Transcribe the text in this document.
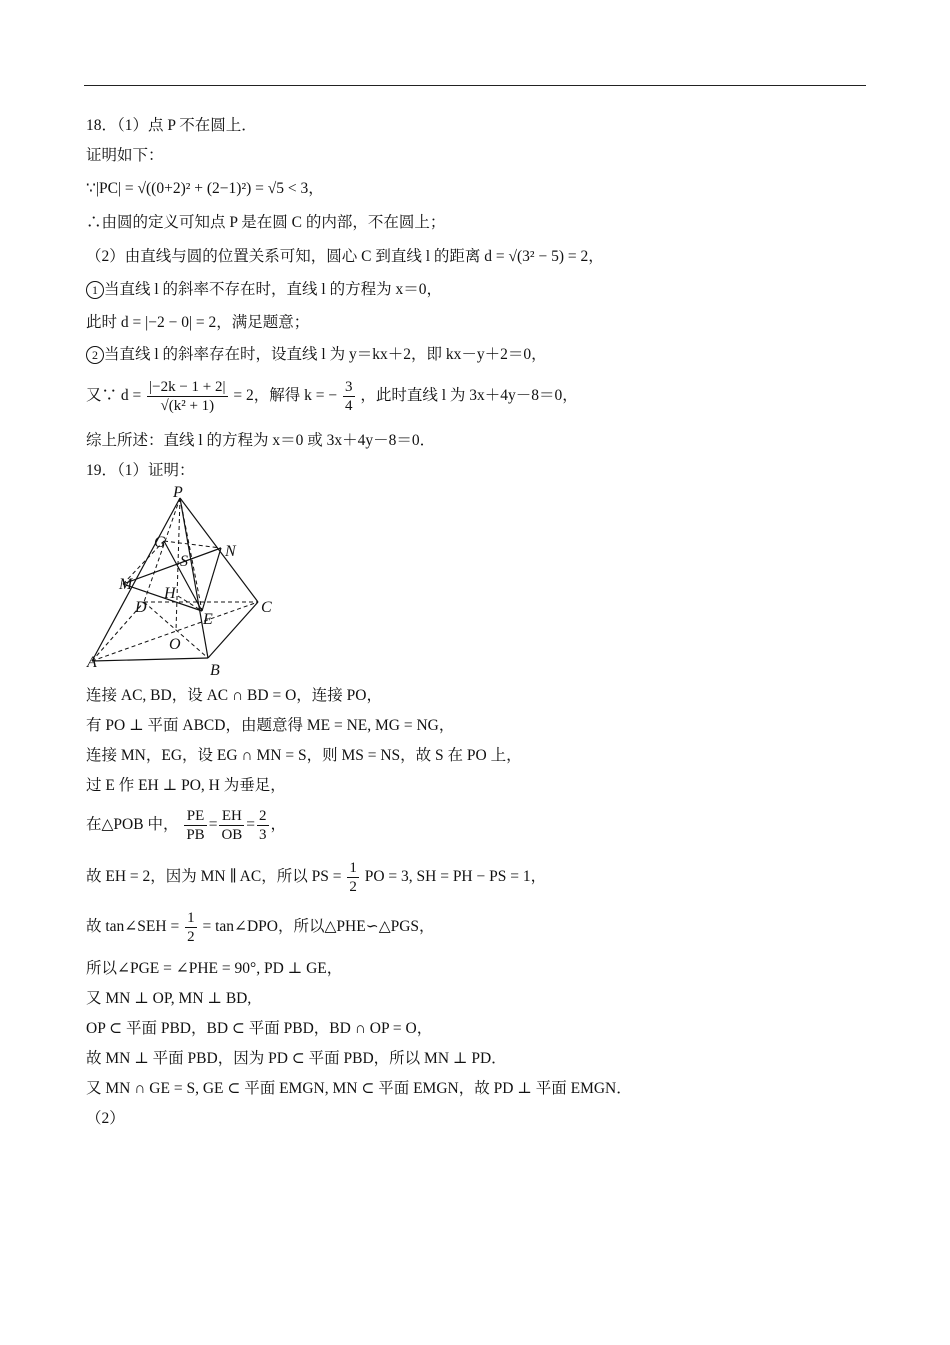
18．（1）点 P 不在圆上．
证明如下：
∵|PC| = √((0+2)² + (2−1)²) = √5 < 3，
∴由圆的定义可知点 P 是在圆 C 的内部，不在圆上；
（2）由直线与圆的位置关系可知，圆心 C 到直线 l 的距离 d = √(3² − 5) = 2，
1 当直线 l 的斜率不存在时，直线 l 的方程为 x＝0，
此时 d = |−2 − 0| = 2，满足题意；
2 当直线 l 的斜率存在时，设直线 l 为 y＝kx＋2，即 kx－y＋2＝0，
又∵ $d = \frac{|-2k - 1 + 2|}{\text{√(k² + 1)}} = 2$，解得 k = − $\frac{3}{4}$ ，此时直线 l 为 3x＋4y－8＝0，
综上所述：直线 l 的方程为 x＝0 或 3x＋4y－8＝0．
19．（1）证明：
P
G
N
S
M
H
D
E
C
O
A	B
连接 AC, BD，设 AC ∩ BD = O，连接 PO，
有 PO ⊥ 平面 ABCD，由题意得 ME = NE, MG = NG，
连接 MN，EG，设 EG ∩ MN = S，则 MS = NS，故 S 在 PO 上，
过 E 作 EH ⊥ PO, H 为垂足，
在△POB 中， $\frac{PE}{PB} = \frac{EH}{OB} = \frac{2}{3}$ ，
故 EH = 2，因为 MN ∥ AC，所以 PS = $\frac{1}{2}$ PO = 3, SH = PH − PS = 1，
故 tan∠SEH = $\frac{1}{2}$ = tan∠DPO，所以△PHE∽△PGS，
所以∠PGE = ∠PHE = 90°, PD ⊥ GE，
又 MN ⊥ OP, MN ⊥ BD,
OP ⊂ 平面 PBD，BD ⊂ 平面 PBD，BD ∩ OP = O，
故 MN ⊥ 平面 PBD，因为 PD ⊂ 平面 PBD，所以 MN ⊥ PD．
又 MN ∩ GE = S, GE ⊂ 平面 EMGN, MN ⊂ 平面 EMGN，故 PD ⊥ 平面 EMGN．
（2）
